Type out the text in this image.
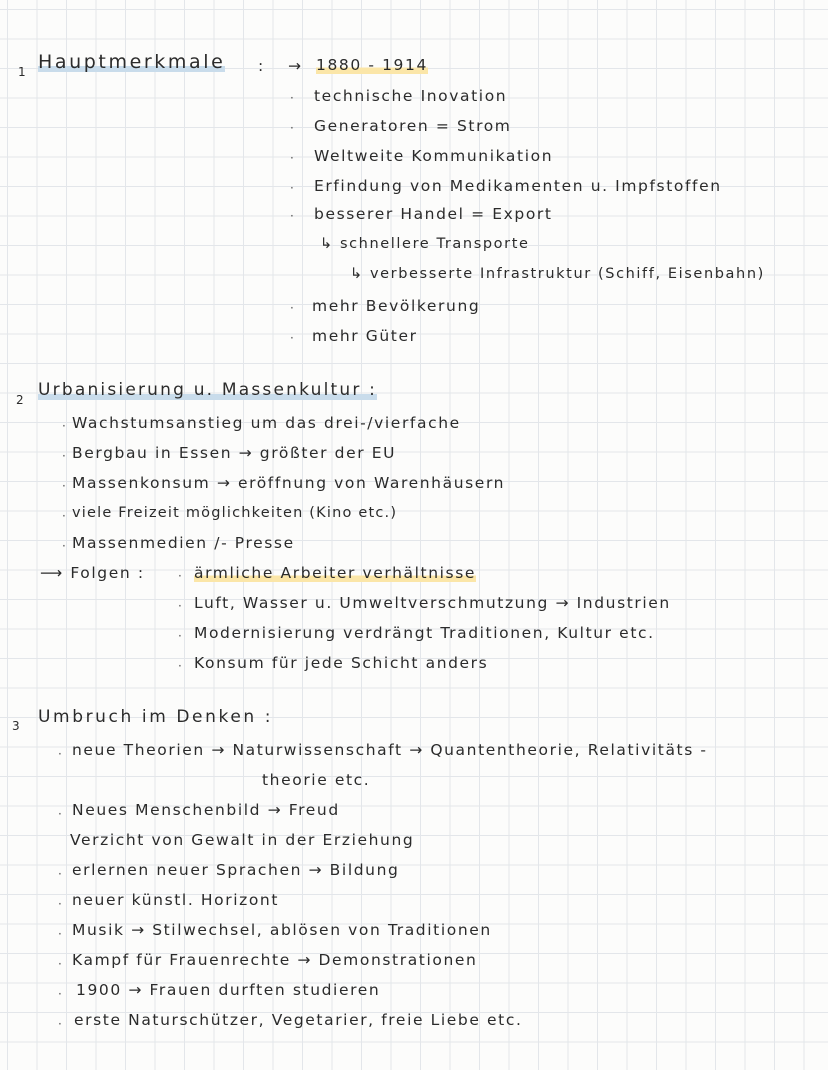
1 Hauptmerkmale : → 1880 - 1914
· technische Inovation
· Generatoren = Strom
· Weltweite Kommunikation
· Erfindung von Medikamenten u. Impfstoffen
· besserer Handel = Export
↳ schnellere Transporte
↳ verbesserte Infrastruktur (Schiff, Eisenbahn)
· mehr Bevölkerung
· mehr Güter
2 Urbanisierung u. Massenkultur :
· Wachstumsanstieg um das drei-/vierfache
· Bergbau in Essen → größter der EU
· Massenkonsum → eröffnung von Warenhäusern
· viele Freizeit möglichkeiten (Kino etc.)
· Massenmedien /- Presse
⟶ Folgen :	· ärmliche Arbeiter verhältnisse
· Luft, Wasser u. Umweltverschmutzung → Industrien
· Modernisierung verdrängt Traditionen, Kultur etc.
· Konsum für jede Schicht anders
3 Umbruch im Denken :
· neue Theorien → Naturwissenschaft → Quantentheorie, Relativitäts -
theorie etc.
· Neues Menschenbild → Freud
Verzicht von Gewalt in der Erziehung
· erlernen neuer Sprachen → Bildung
· neuer künstl. Horizont
· Musik → Stilwechsel, ablösen von Traditionen
· Kampf für Frauenrechte → Demonstrationen
· 1900 → Frauen durften studieren
· erste Naturschützer, Vegetarier, freie Liebe etc.
